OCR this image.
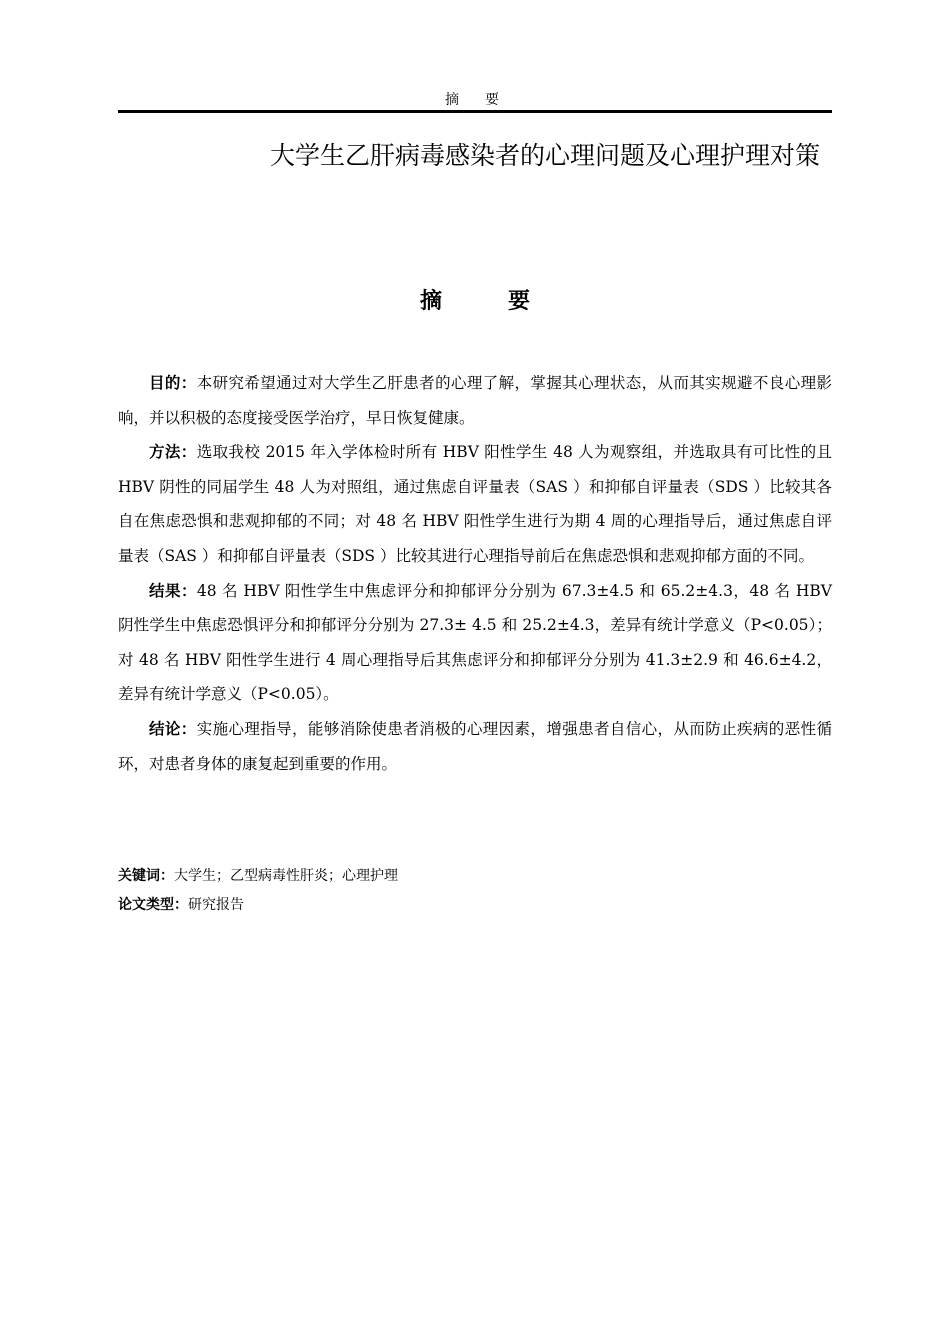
摘　要
大学生乙肝病毒感染者的心理问题及心理护理对策
摘　要

目的：本研究希望通过对大学生乙肝患者的心理了解，掌握其心理状态，从而其实规避不良心理影响，并以积极的态度接受医学治疗，早日恢复健康。

方法：选取我校 2015 年入学体检时所有 HBV 阳性学生 48 人为观察组，并选取具有可比性的且 HBV 阴性的同届学生 48 人为对照组，通过焦虑自评量表（SAS ）和抑郁自评量表（SDS ）比较其各自在焦虑恐惧和悲观抑郁的不同；对 48 名 HBV 阳性学生进行为期 4 周的心理指导后，通过焦虑自评量表（SAS ）和抑郁自评量表（SDS ）比较其进行心理指导前后在焦虑恐惧和悲观抑郁方面的不同。

结果：48 名 HBV 阳性学生中焦虑评分和抑郁评分分别为 67.3±4.5 和 65.2±4.3，48 名 HBV 阴性学生中焦虑恐惧评分和抑郁评分分别为 27.3± 4.5 和 25.2±4.3，差异有统计学意义（P<0.05）；对 48 名 HBV 阳性学生进行 4 周心理指导后其焦虑评分和抑郁评分分别为 41.3±2.9 和 46.6±4.2，差异有统计学意义（P<0.05）。

结论：实施心理指导，能够消除使患者消极的心理因素，增强患者自信心，从而防止疾病的恶性循环，对患者身体的康复起到重要的作用。

关键词：大学生；乙型病毒性肝炎；心理护理
论文类型：研究报告
